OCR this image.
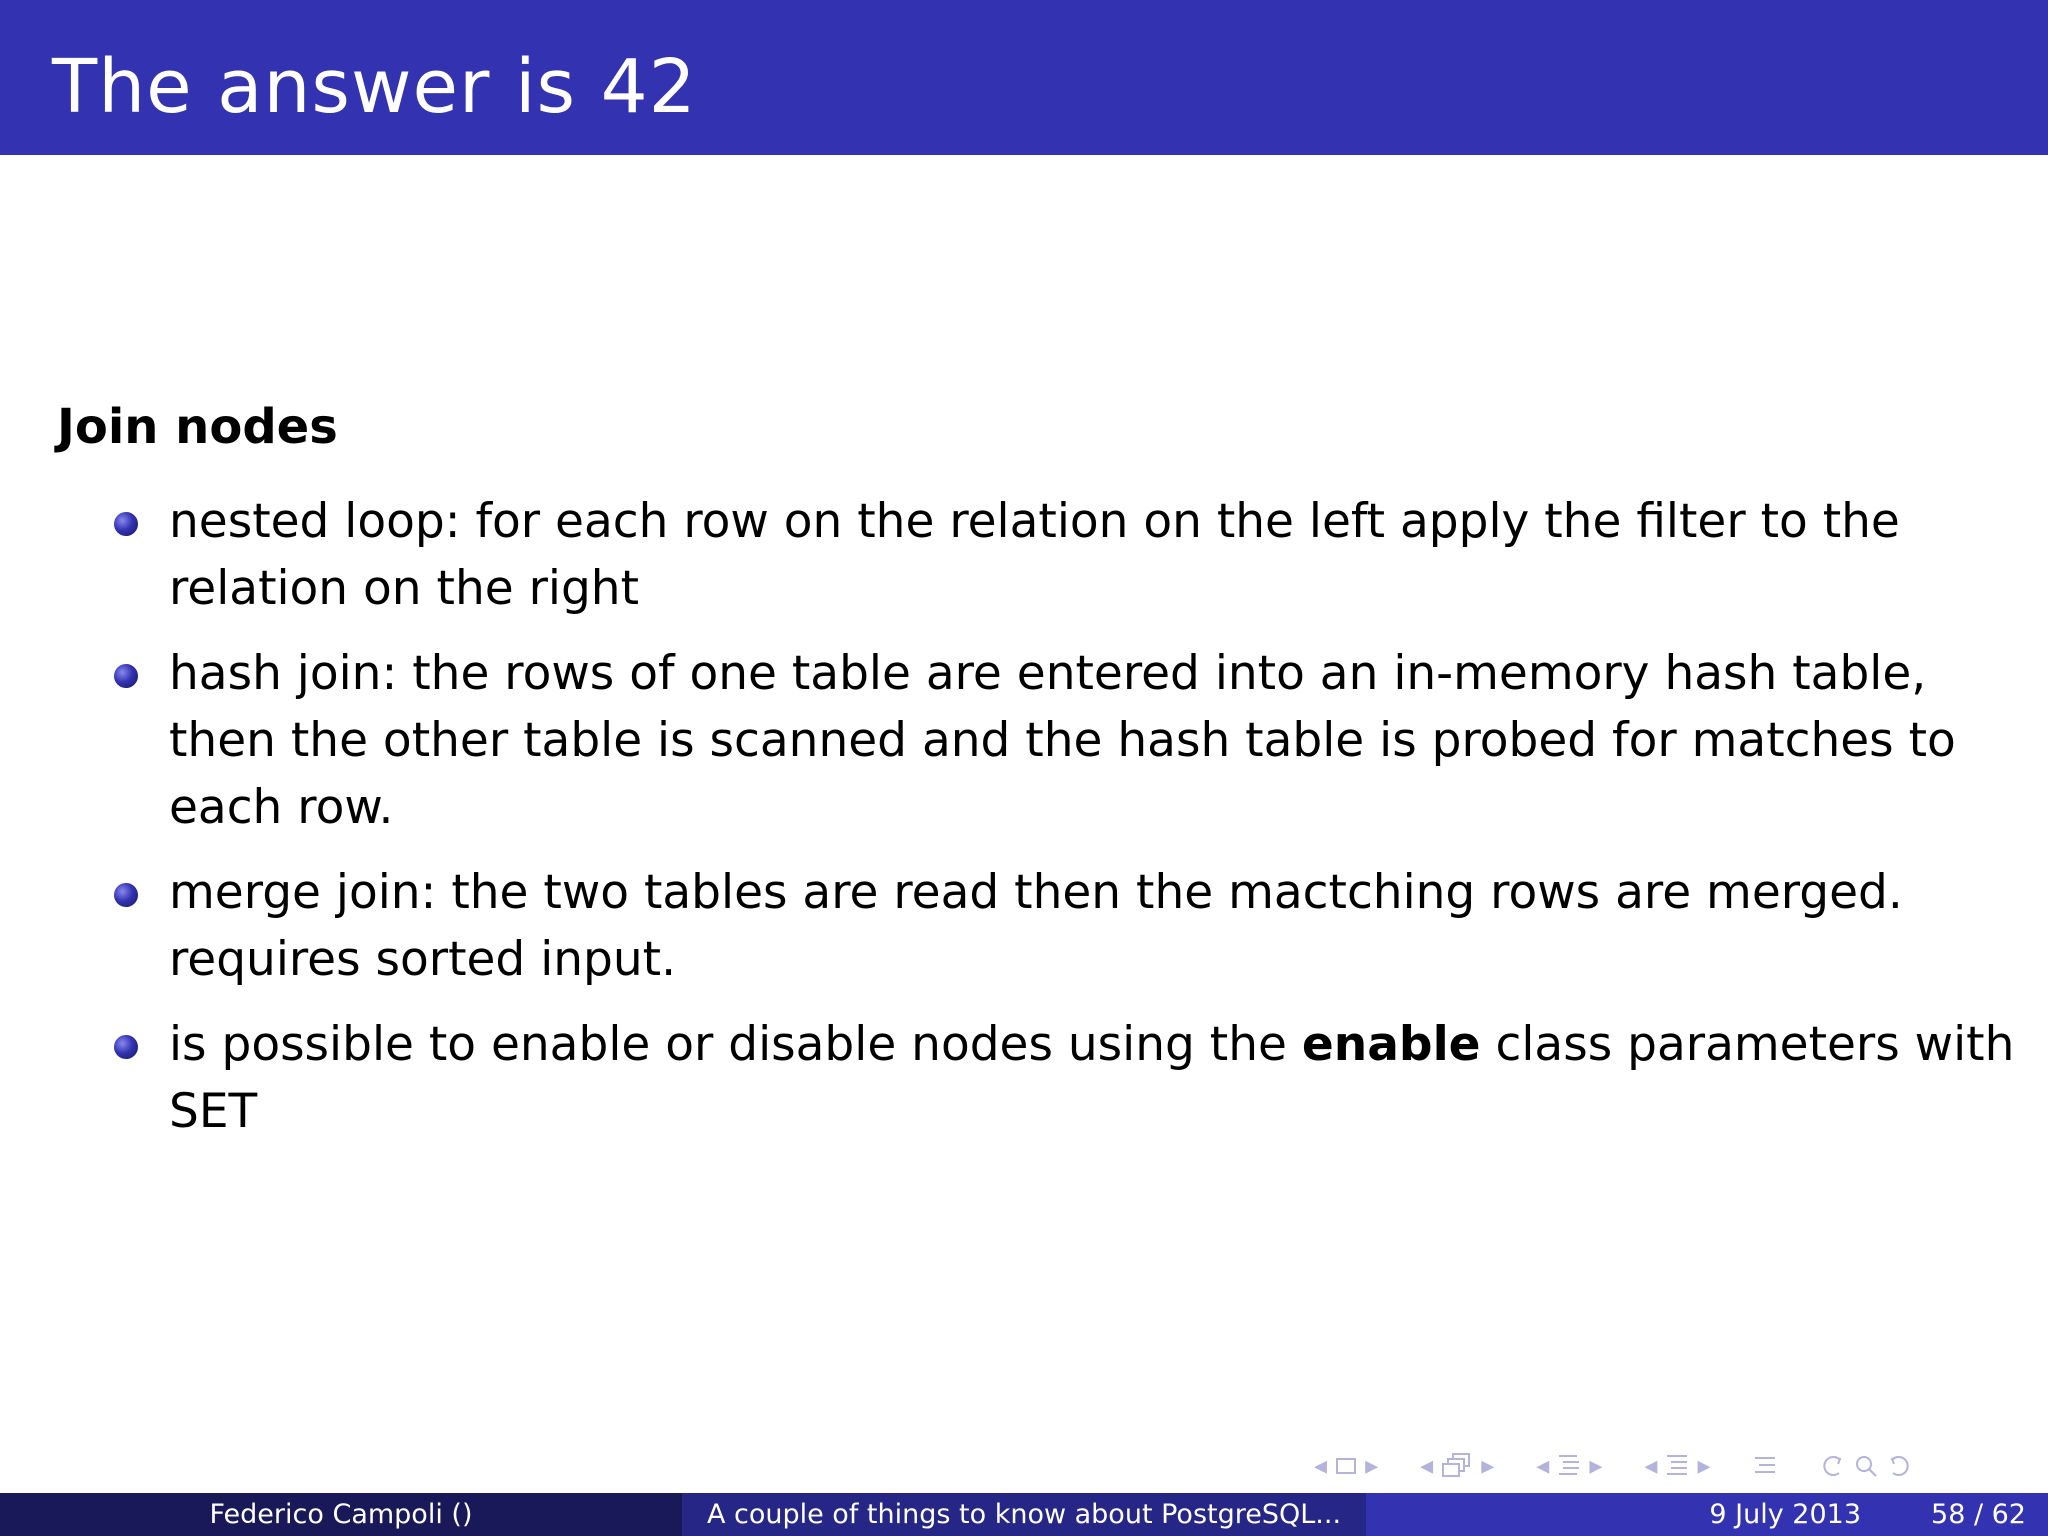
The answer is 42
Join nodes
nested loop: for each row on the relation on the left apply the filter to the
relation on the right
hash join: the rows of one table are entered into an in-memory hash table,
then the other table is scanned and the hash table is probed for matches to
each row.
merge join: the two tables are read then the mactching rows are merged.
requires sorted input.
is possible to enable or disable nodes using the enable class parameters with
SET
◂ ▸ ◂ ▸ ◂ ▸ ◂ ▸
Federico Campoli ()	A couple of things to know about PostgreSQL...	9 July 2013	58 / 62
